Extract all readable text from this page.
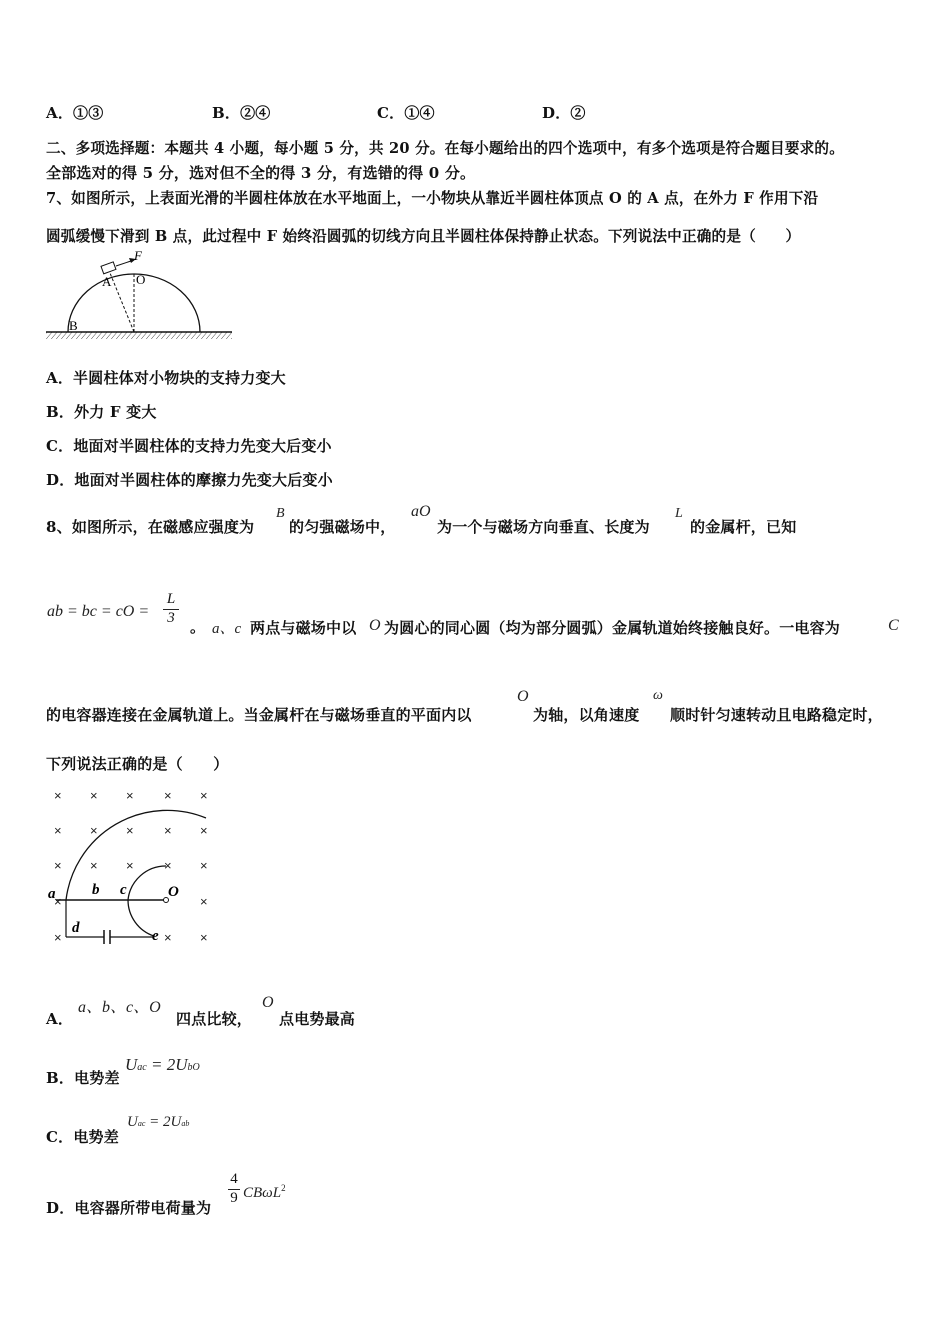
A．①③	B．②④	C．①④	D．②
二、多项选择题：本题共 4 小题，每小题 5 分，共 20 分。在每小题给出的四个选项中，有多个选项是符合题目要求的。
全部选对的得 5 分，选对但不全的得 3 分，有选错的得 0 分。
7、如图所示，上表面光滑的半圆柱体放在水平地面上，一小物块从靠近半圆柱体顶点 O 的 A 点，在外力 F 作用下沿
圆弧缓慢下滑到 B 点，此过程中 F 始终沿圆弧的切线方向且半圆柱体保持静止状态。下列说法中正确的是（　　）
F
A O
B
A．半圆柱体对小物块的支持力变大
B．外力 F 变大
C．地面对半圆柱体的支持力先变大后变小
D．地面对半圆柱体的摩擦力先变大后变小
8、如图所示，在磁感应强度为
B
的匀强磁场中，
aO
为一个与磁场方向垂直、长度为
L
的金属杆，已知
ab = bc = cO = $\frac{L}{3}$ 。 a、c 两点与磁场中以 O 为圆心的同心圆（均为部分圆弧）金属轨道始终接触良好。一电容为	C
的电容器连接在金属轨道上。当金属杆在与磁场垂直的平面内以
O
为轴，以角速度
ω
顺时针匀速转动且电路稳定时，
下列说法正确的是（　　）
× × × × ×
× × × × ×
× × × × ×
×	×
×	× ×
a b c	O
d	e
A．
a、b、c、O
四点比较，
O
点电势最高
B．电势差
Uac = 2UbO
C．电势差
Uac = 2Uab
D．电容器所带电荷量为
$\frac{4}{9} CB\omega L^2$
